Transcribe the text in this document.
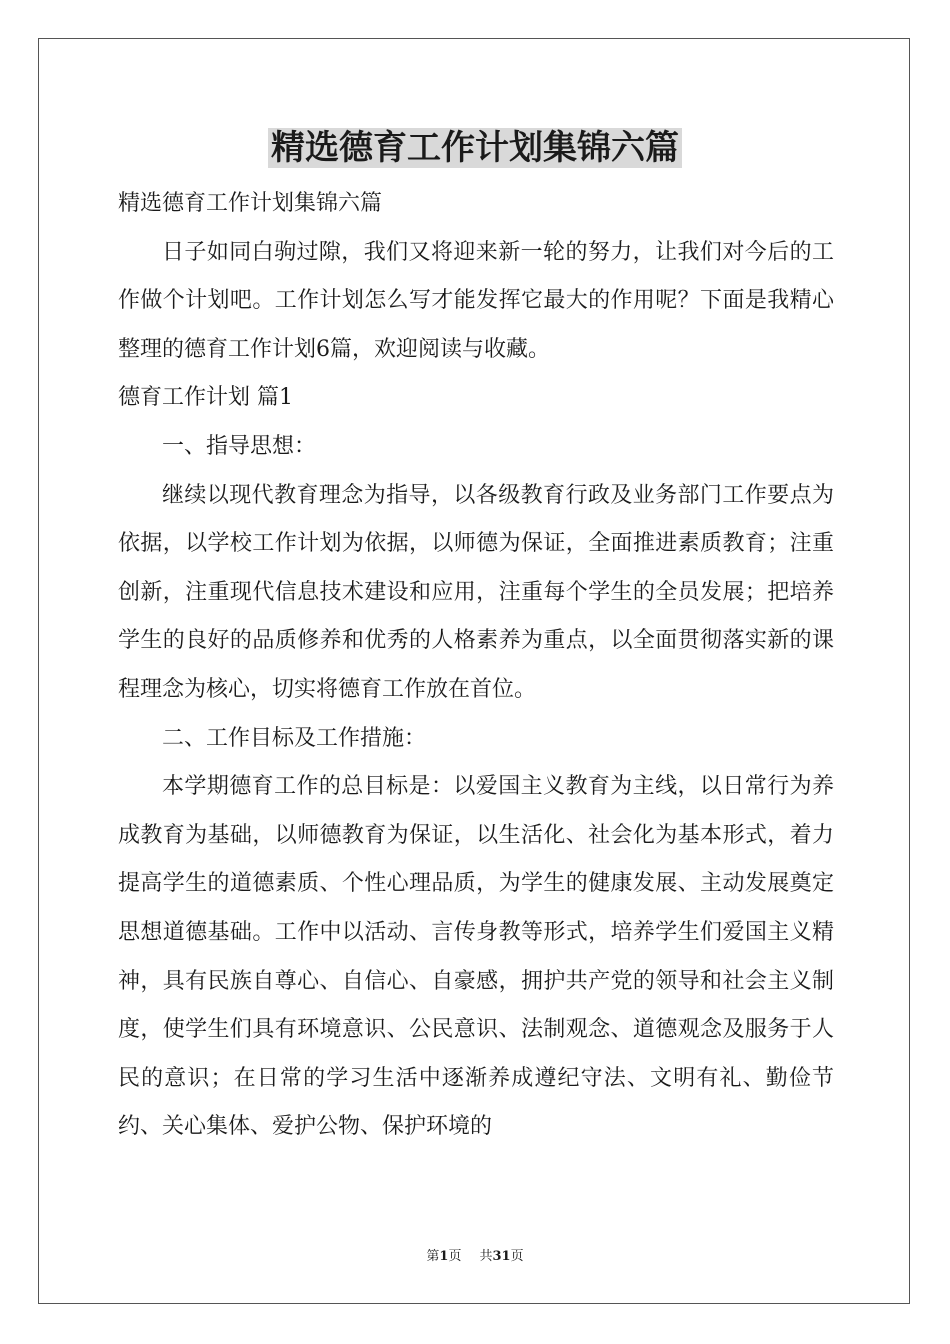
精选德育工作计划集锦六篇

精选德育工作计划集锦六篇

日子如同白驹过隙，我们又将迎来新一轮的努力，让我们对今后的工作做个计划吧。工作计划怎么写才能发挥它最大的作用呢？下面是我精心整理的德育工作计划6篇，欢迎阅读与收藏。

德育工作计划 篇1

一、指导思想：

继续以现代教育理念为指导，以各级教育行政及业务部门工作要点为依据，以学校工作计划为依据，以师德为保证，全面推进素质教育；注重创新，注重现代信息技术建设和应用，注重每个学生的全员发展；把培养学生的良好的品质修养和优秀的人格素养为重点，以全面贯彻落实新的课程理念为核心，切实将德育工作放在首位。

二、工作目标及工作措施：

本学期德育工作的总目标是：以爱国主义教育为主线，以日常行为养成教育为基础，以师德教育为保证，以生活化、社会化为基本形式，着力提高学生的道德素质、个性心理品质，为学生的健康发展、主动发展奠定思想道德基础。工作中以活动、言传身教等形式，培养学生们爱国主义精神，具有民族自尊心、自信心、自豪感，拥护共产党的领导和社会主义制度，使学生们具有环境意识、公民意识、法制观念、道德观念及服务于人民的意识；在日常的学习生活中逐渐养成遵纪守法、文明有礼、勤俭节约、关心集体、爱护公物、保护环境的

第1页 共31页
